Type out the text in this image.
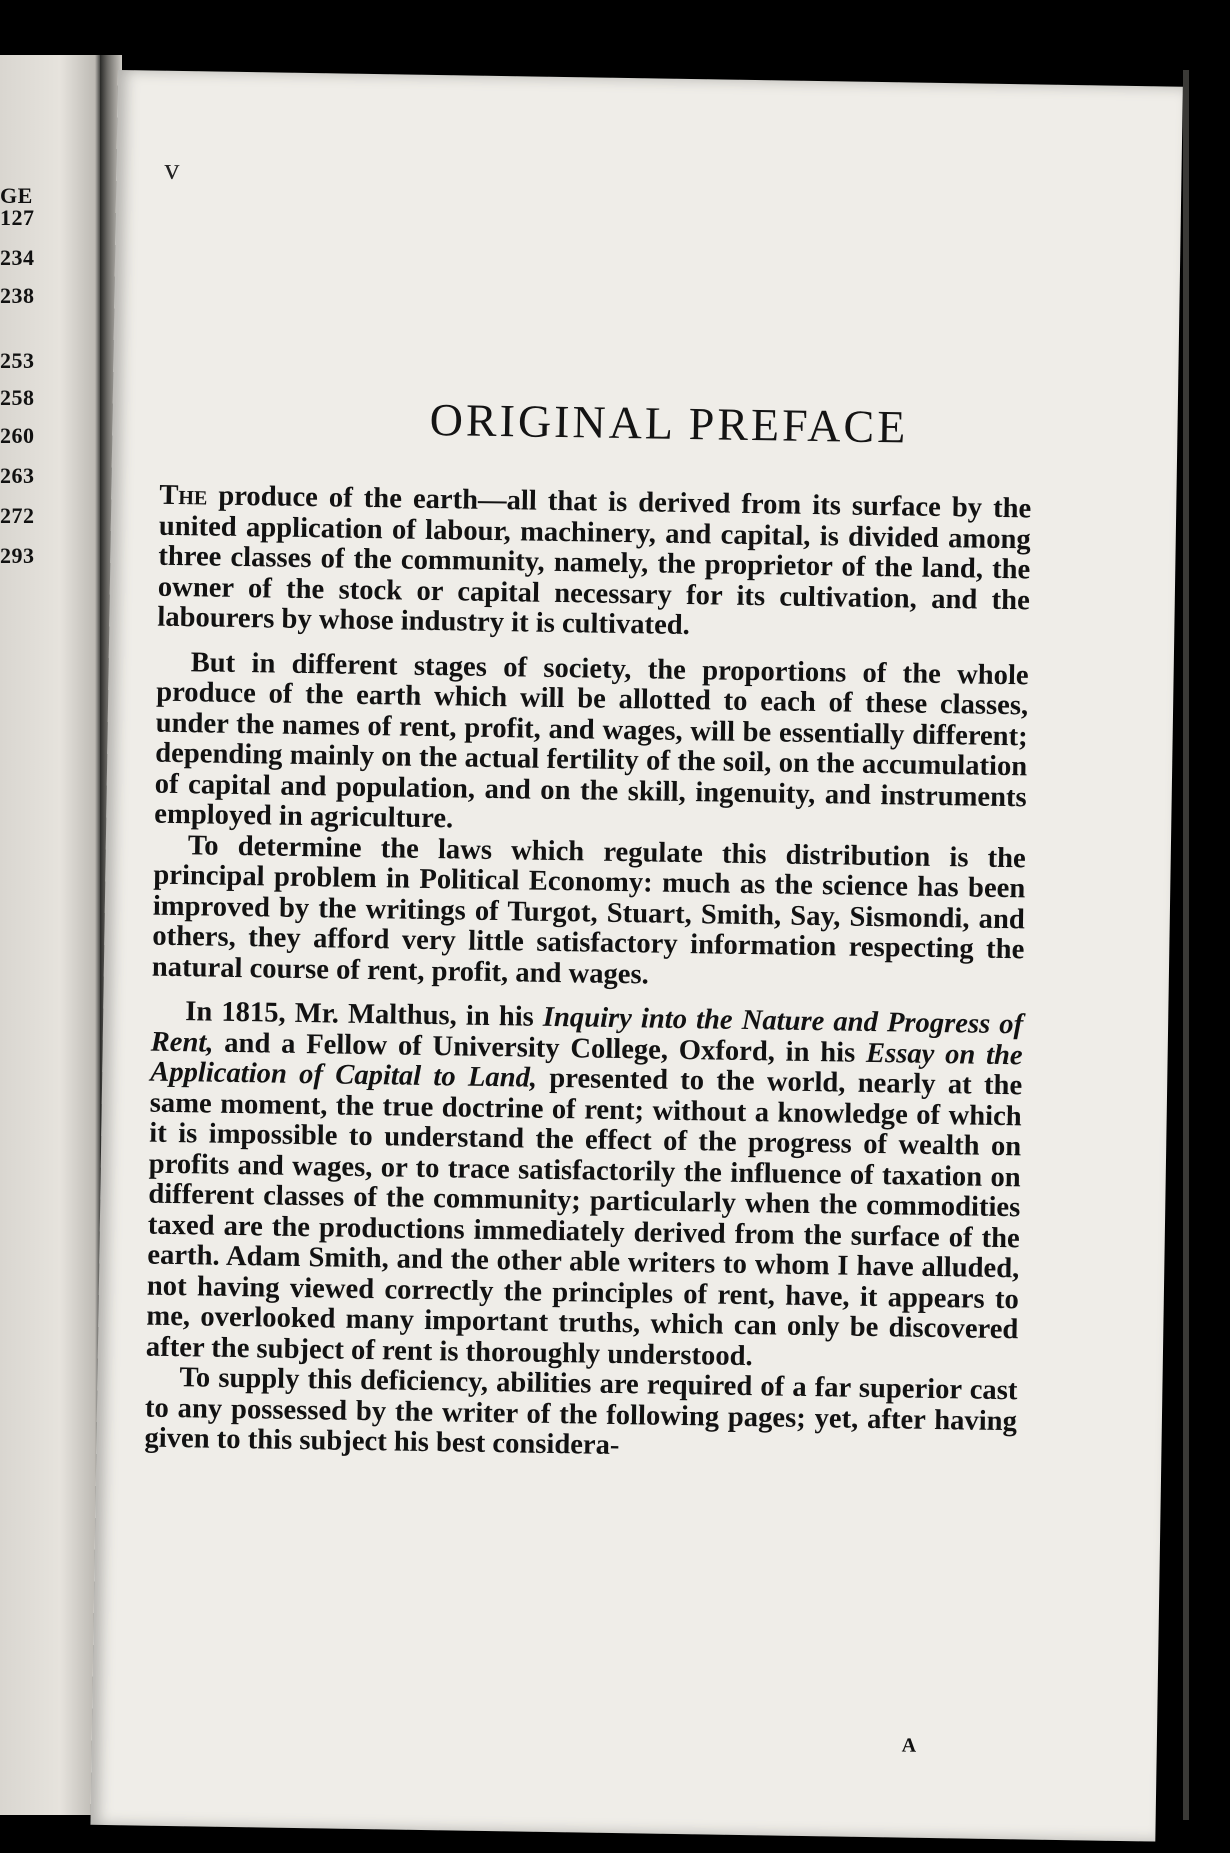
GE
127
234
238
253
258
260
263
272
293
v
ORIGINAL PREFACE

The produce of the earth—all that is derived from its surface by the united application of labour, machinery, and capital, is divided among three classes of the community, namely, the proprietor of the land, the owner of the stock or capital necessary for its cultivation, and the labourers by whose industry it is cultivated.

But in different stages of society, the proportions of the whole produce of the earth which will be allotted to each of these classes, under the names of rent, profit, and wages, will be essentially different; depending mainly on the actual fertility of the soil, on the accumulation of capital and population, and on the skill, ingenuity, and instruments employed in agriculture.

To determine the laws which regulate this distribution is the principal problem in Political Economy: much as the science has been improved by the writings of Turgot, Stuart, Smith, Say, Sismondi, and others, they afford very little satisfactory information respecting the natural course of rent, profit, and wages.

In 1815, Mr. Malthus, in his Inquiry into the Nature and Progress of Rent, and a Fellow of University College, Oxford, in his Essay on the Application of Capital to Land, presented to the world, nearly at the same moment, the true doctrine of rent; without a knowledge of which it is impossible to understand the effect of the progress of wealth on profits and wages, or to trace satisfactorily the influence of taxation on different classes of the community; particularly when the commodities taxed are the productions immediately derived from the surface of the earth. Adam Smith, and the other able writers to whom I have alluded, not having viewed correctly the principles of rent, have, it appears to me, overlooked many important truths, which can only be discovered after the subject of rent is thoroughly understood.

To supply this deficiency, abilities are required of a far superior cast to any possessed by the writer of the following pages; yet, after having given to this subject his best considera-

A
